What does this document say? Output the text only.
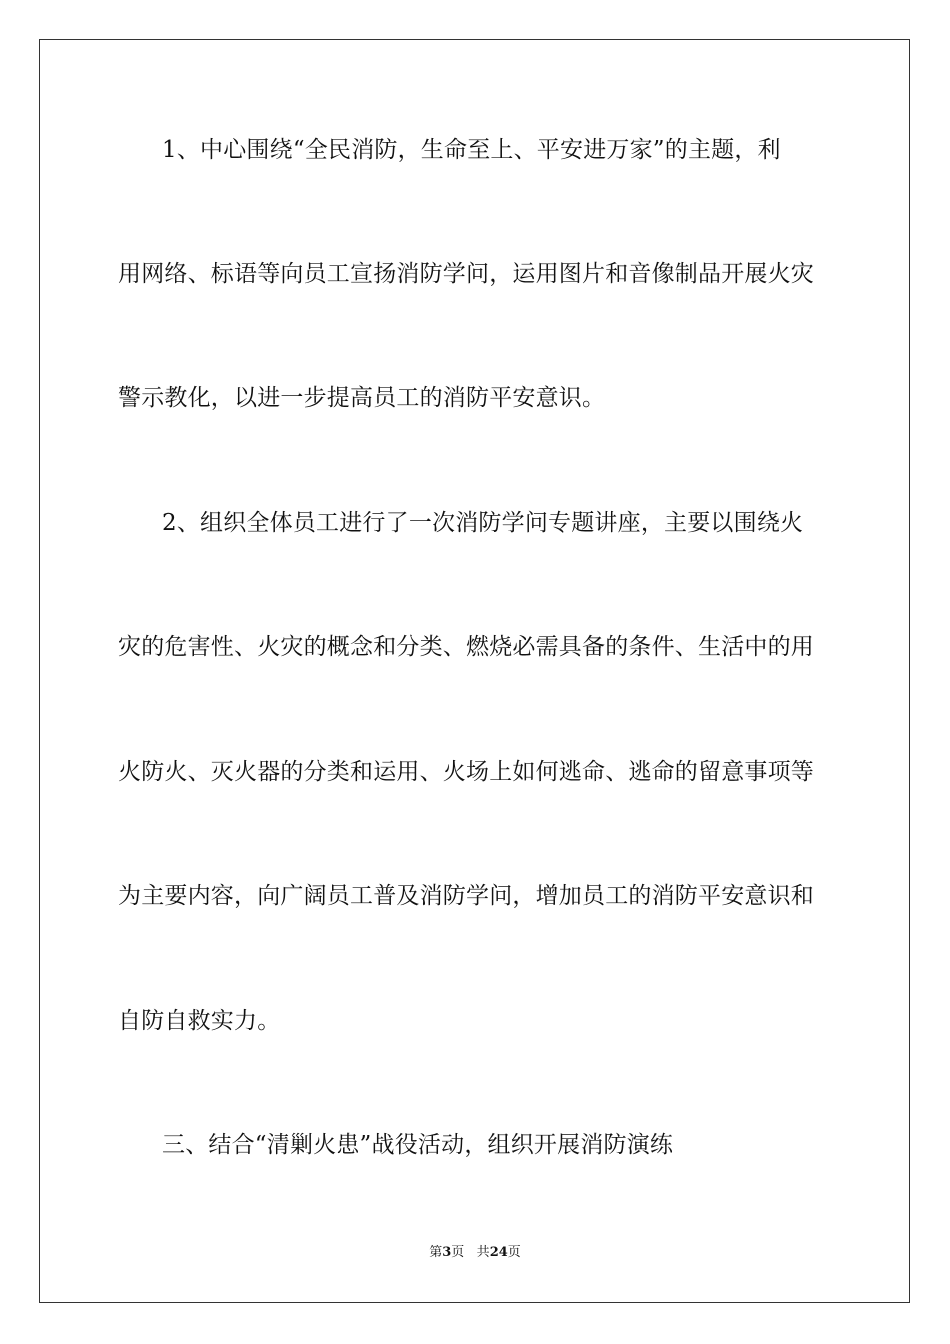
1、中心围绕“全民消防，生命至上、平安进万家”的主题，利
用网络、标语等向员工宣扬消防学问，运用图片和音像制品开展火灾
警示教化，以进一步提高员工的消防平安意识。
2、组织全体员工进行了一次消防学问专题讲座，主要以围绕火
灾的危害性、火灾的概念和分类、燃烧必需具备的条件、生活中的用
火防火、灭火器的分类和运用、火场上如何逃命、逃命的留意事项等
为主要内容，向广阔员工普及消防学问，增加员工的消防平安意识和
自防自救实力。
三、结合“清剿火患”战役活动，组织开展消防演练
第3页 共24页
